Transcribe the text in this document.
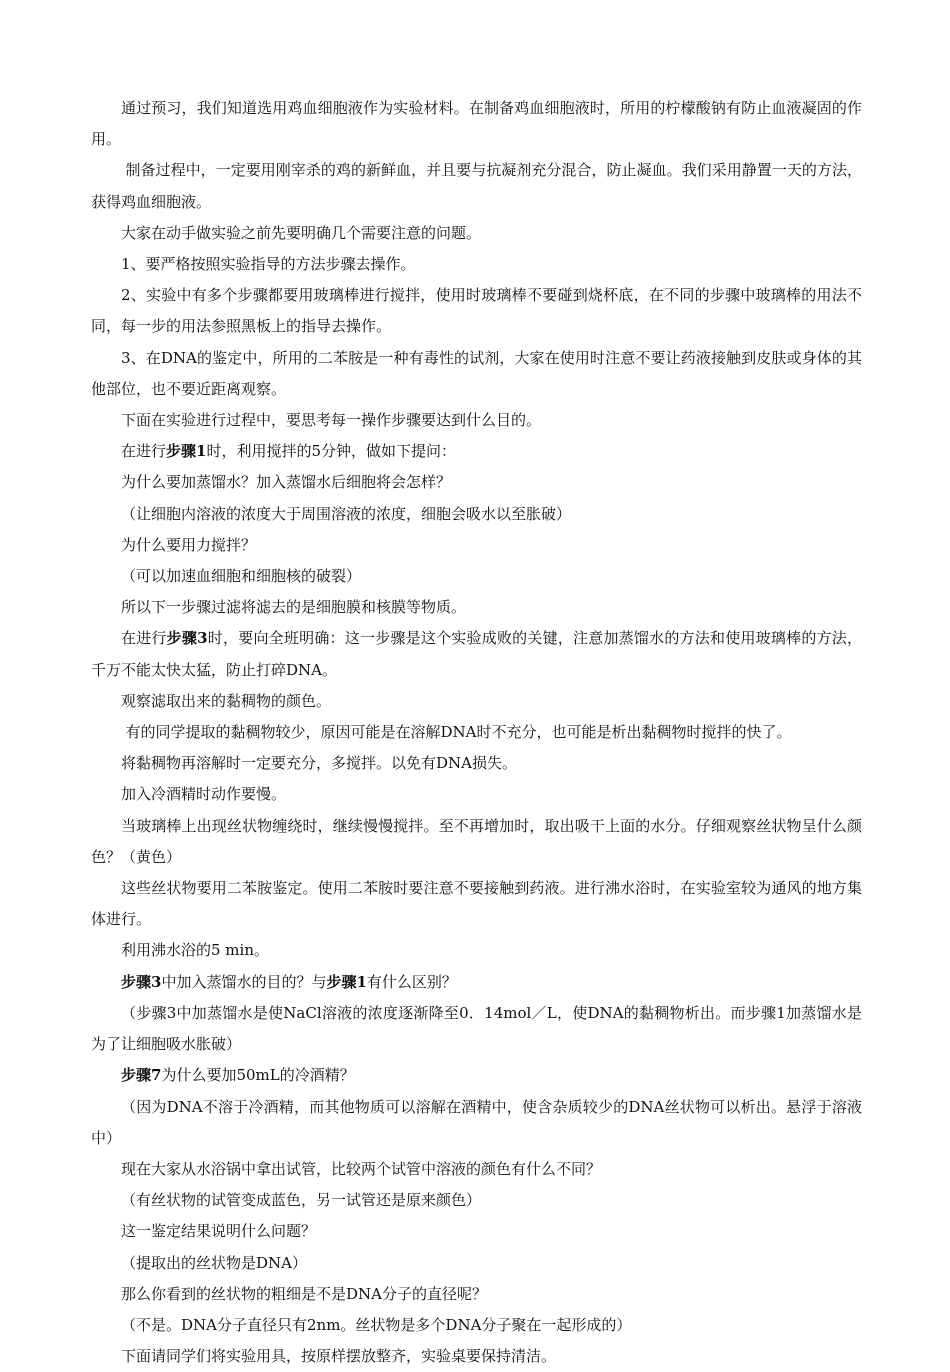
通过预习，我们知道选用鸡血细胞液作为实验材料。在制备鸡血细胞液时，所用的柠檬酸钠有防止血液凝固的作用。

制备过程中，一定要用刚宰杀的鸡的新鲜血，并且要与抗凝剂充分混合，防止凝血。我们采用静置一天的方法，获得鸡血细胞液。

大家在动手做实验之前先要明确几个需要注意的问题。

1、要严格按照实验指导的方法步骤去操作。

2、实验中有多个步骤都要用玻璃棒进行搅拌，使用时玻璃棒不要碰到烧杯底，在不同的步骤中玻璃棒的用法不同，每一步的用法参照黑板上的指导去操作。

3、在DNA的鉴定中，所用的二苯胺是一种有毒性的试剂，大家在使用时注意不要让药液接触到皮肤或身体的其他部位，也不要近距离观察。

下面在实验进行过程中，要思考每一操作步骤要达到什么目的。

在进行步骤1时，利用搅拌的5分钟，做如下提问：

为什么要加蒸馏水？加入蒸馏水后细胞将会怎样？

（让细胞内溶液的浓度大于周围溶液的浓度，细胞会吸水以至胀破）

为什么要用力搅拌？

（可以加速血细胞和细胞核的破裂）

所以下一步骤过滤将滤去的是细胞膜和核膜等物质。

在进行步骤3时，要向全班明确：这一步骤是这个实验成败的关键，注意加蒸馏水的方法和使用玻璃棒的方法，千万不能太快太猛，防止打碎DNA。

观察滤取出来的黏稠物的颜色。

有的同学提取的黏稠物较少，原因可能是在溶解DNA时不充分，也可能是析出黏稠物时搅拌的快了。

将黏稠物再溶解时一定要充分，多搅拌。以免有DNA损失。

加入冷酒精时动作要慢。

当玻璃棒上出现丝状物缠绕时，继续慢慢搅拌。至不再增加时，取出吸干上面的水分。仔细观察丝状物呈什么颜色？（黄色）

这些丝状物要用二苯胺鉴定。使用二苯胺时要注意不要接触到药液。进行沸水浴时，在实验室较为通风的地方集体进行。

利用沸水浴的5 min。

步骤3中加入蒸馏水的目的？与步骤1有什么区别？

（步骤3中加蒸馏水是使NaCl溶液的浓度逐渐降至0．14mol／L，使DNA的黏稠物析出。而步骤1加蒸馏水是为了让细胞吸水胀破）

步骤7为什么要加50mL的冷酒精？

（因为DNA不溶于冷酒精，而其他物质可以溶解在酒精中，使含杂质较少的DNA丝状物可以析出。悬浮于溶液中）

现在大家从水浴锅中拿出试管，比较两个试管中溶液的颜色有什么不同？

（有丝状物的试管变成蓝色，另一试管还是原来颜色）

这一鉴定结果说明什么问题？

（提取出的丝状物是DNA）

那么你看到的丝状物的粗细是不是DNA分子的直径呢？

（不是。DNA分子直径只有2nm。丝状物是多个DNA分子聚在一起形成的）

下面请同学们将实验用具，按原样摆放整齐，实验桌要保持清洁。
